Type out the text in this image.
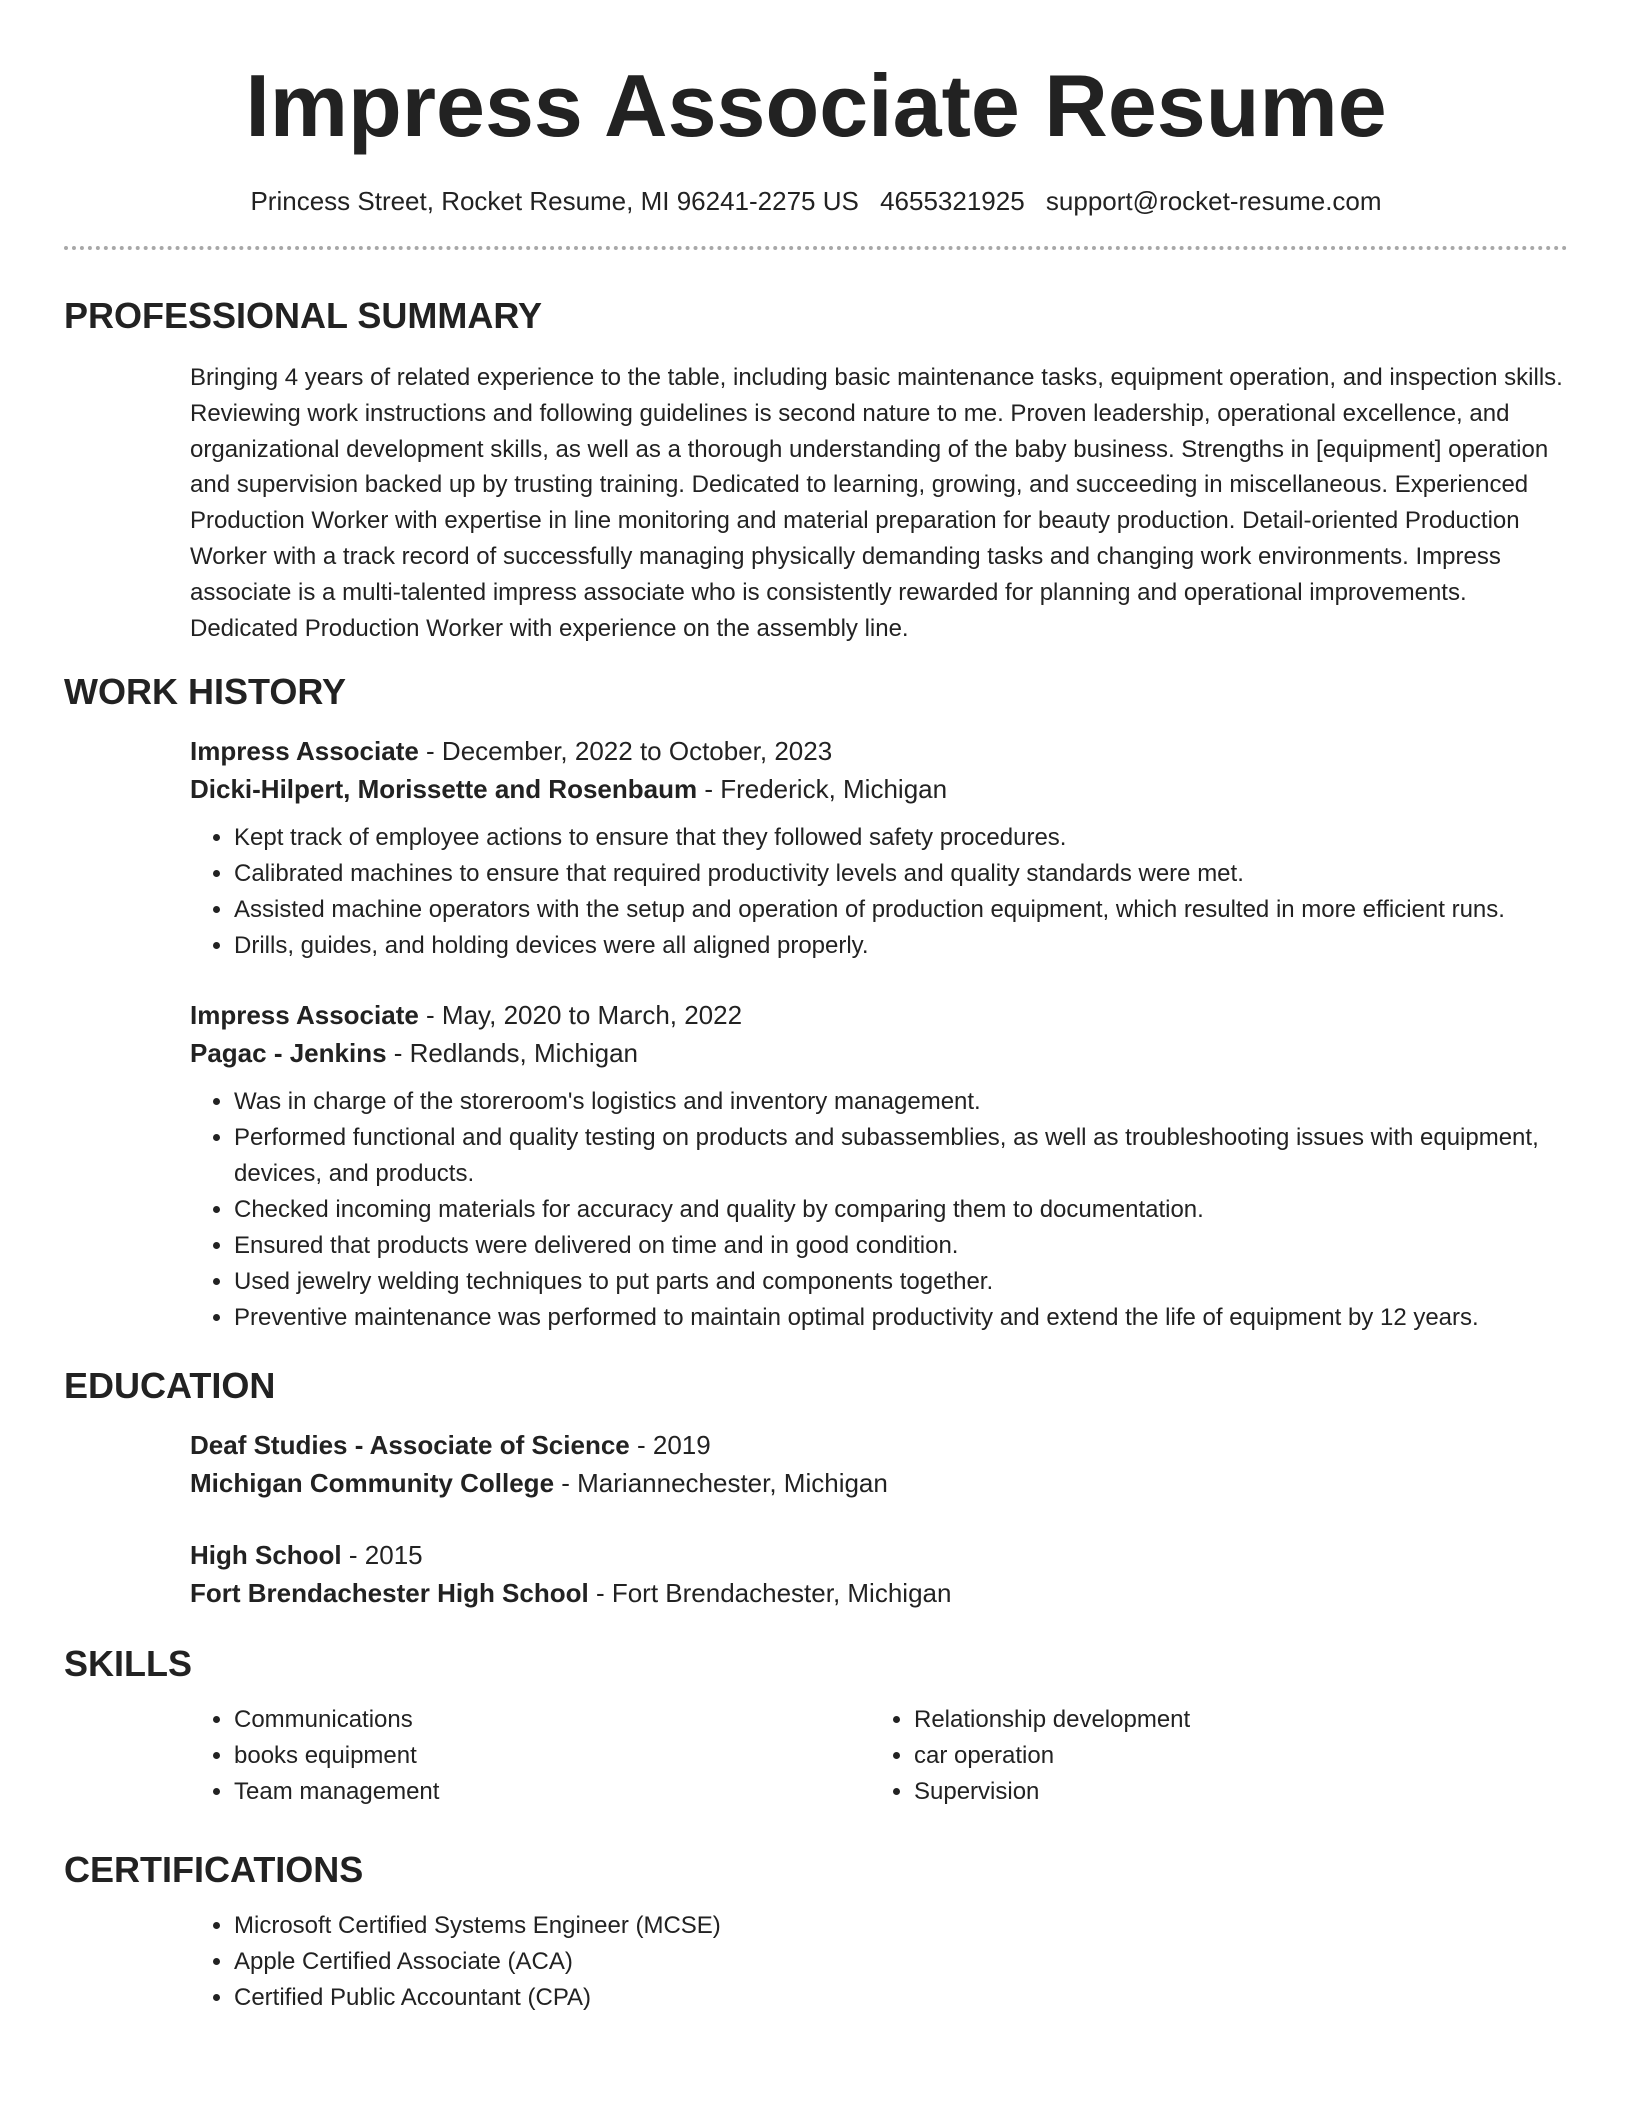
Impress Associate Resume
Princess Street, Rocket Resume, MI 96241-2275 US 4655321925 support@rocket-resume.com
PROFESSIONAL SUMMARY

Bringing 4 years of related experience to the table, including basic maintenance tasks, equipment operation, and inspection skills. Reviewing work instructions and following guidelines is second nature to me. Proven leadership, operational excellence, and organizational development skills, as well as a thorough understanding of the baby business. Strengths in [equipment] operation and supervision backed up by trusting training. Dedicated to learning, growing, and succeeding in miscellaneous. Experienced Production Worker with expertise in line monitoring and material preparation for beauty production. Detail-oriented Production Worker with a track record of successfully managing physically demanding tasks and changing work environments. Impress associate is a multi-talented impress associate who is consistently rewarded for planning and operational improvements. Dedicated Production Worker with experience on the assembly line.

WORK HISTORY
Impress Associate - December, 2022 to October, 2023
Dicki-Hilpert, Morissette and Rosenbaum - Frederick, Michigan
• Kept track of employee actions to ensure that they followed safety procedures.
• Calibrated machines to ensure that required productivity levels and quality standards were met.
• Assisted machine operators with the setup and operation of production equipment, which resulted in more efficient runs.
• Drills, guides, and holding devices were all aligned properly.
Impress Associate - May, 2020 to March, 2022
Pagac - Jenkins - Redlands, Michigan
• Was in charge of the storeroom's logistics and inventory management.
• Performed functional and quality testing on products and subassemblies, as well as troubleshooting issues with equipment, devices, and products.
• Checked incoming materials for accuracy and quality by comparing them to documentation.
• Ensured that products were delivered on time and in good condition.
• Used jewelry welding techniques to put parts and components together.
• Preventive maintenance was performed to maintain optimal productivity and extend the life of equipment by 12 years.
EDUCATION
Deaf Studies - Associate of Science - 2019
Michigan Community College - Mariannechester, Michigan
High School - 2015
Fort Brendachester High School - Fort Brendachester, Michigan
SKILLS
• Communications
• books equipment
• Team management
• Relationship development
• car operation
• Supervision
CERTIFICATIONS
• Microsoft Certified Systems Engineer (MCSE)
• Apple Certified Associate (ACA)
• Certified Public Accountant (CPA)
